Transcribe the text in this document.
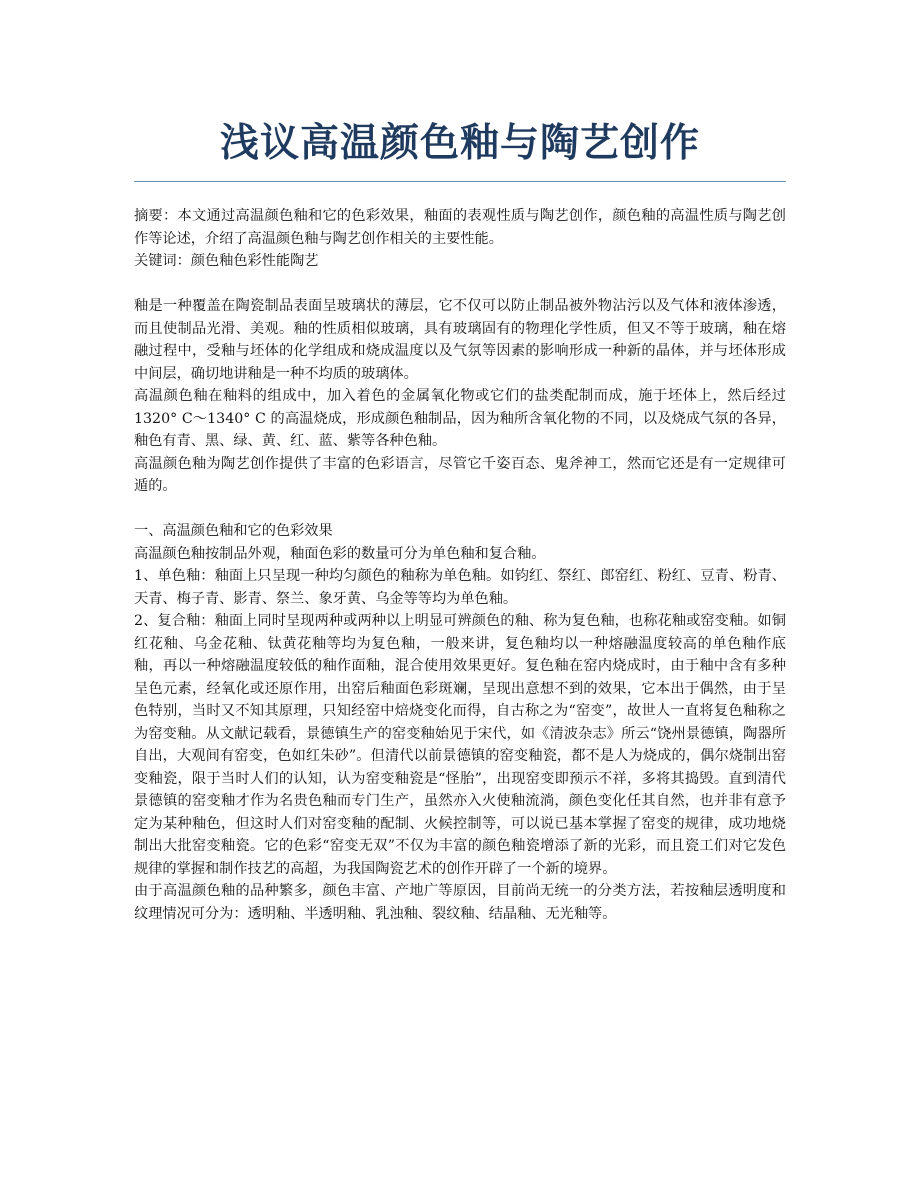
浅议高温颜色釉与陶艺创作

摘要：本文通过高温颜色釉和它的色彩效果，釉面的表观性质与陶艺创作，颜色釉的高温性质与陶艺创作等论述，介绍了高温颜色釉与陶艺创作相关的主要性能。

关键词：颜色釉色彩性能陶艺

釉是一种覆盖在陶瓷制品表面呈玻璃状的薄层，它不仅可以防止制品被外物沾污以及气体和液体渗透，而且使制品光滑、美观。釉的性质相似玻璃，具有玻璃固有的物理化学性质，但又不等于玻璃，釉在熔融过程中，受釉与坯体的化学组成和烧成温度以及气氛等因素的影响形成一种新的晶体，并与坯体形成中间层，确切地讲釉是一种不均质的玻璃体。

高温颜色釉在釉料的组成中，加入着色的金属氧化物或它们的盐类配制而成，施于坯体上，然后经过 1320° C～1340° C 的高温烧成，形成颜色釉制品，因为釉所含氧化物的不同，以及烧成气氛的各异，釉色有青、黑、绿、黄、红、蓝、紫等各种色釉。

高温颜色釉为陶艺创作提供了丰富的色彩语言，尽管它千姿百态、鬼斧神工，然而它还是有一定规律可遁的。

一、高温颜色釉和它的色彩效果

高温颜色釉按制品外观，釉面色彩的数量可分为单色釉和复合釉。

1、单色釉：釉面上只呈现一种均匀颜色的釉称为单色釉。如钧红、祭红、郎窑红、粉红、豆青、粉青、天青、梅子青、影青、祭兰、象牙黄、乌金等等均为单色釉。

2、复合釉：釉面上同时呈现两种或两种以上明显可辨颜色的釉、称为复色釉，也称花釉或窑变釉。如铜红花釉、乌金花釉、钛黄花釉等均为复色釉，一般来讲，复色釉均以一种熔融温度较高的单色釉作底釉，再以一种熔融温度较低的釉作面釉，混合使用效果更好。复色釉在窑内烧成时，由于釉中含有多种呈色元素，经氧化或还原作用，出窑后釉面色彩斑斓，呈现出意想不到的效果，它本出于偶然，由于呈色特别，当时又不知其原理，只知经窑中焙烧变化而得，自古称之为“窑变”，故世人一直将复色釉称之为窑变釉。从文献记载看，景德镇生产的窑变釉始见于宋代，如《清波杂志》所云“饶州景德镇，陶器所自出，大观间有窑变，色如红朱砂”。但清代以前景德镇的窑变釉瓷，都不是人为烧成的，偶尔烧制出窑变釉瓷，限于当时人们的认知，认为窑变釉瓷是“怪胎”，出现窑变即预示不祥，多将其捣毁。直到清代景德镇的窑变釉才作为名贵色釉而专门生产，虽然亦入火使釉流淌，颜色变化任其自然，也并非有意予定为某种釉色，但这时人们对窑变釉的配制、火候控制等，可以说已基本掌握了窑变的规律，成功地烧制出大批窑变釉瓷。它的色彩“窑变无双”不仅为丰富的颜色釉瓷增添了新的光彩，而且瓷工们对它发色规律的掌握和制作技艺的高超，为我国陶瓷艺术的创作开辟了一个新的境界。

由于高温颜色釉的品种繁多，颜色丰富、产地广等原因，目前尚无统一的分类方法，若按釉层透明度和纹理情况可分为：透明釉、半透明釉、乳浊釉、裂纹釉、结晶釉、无光釉等。
